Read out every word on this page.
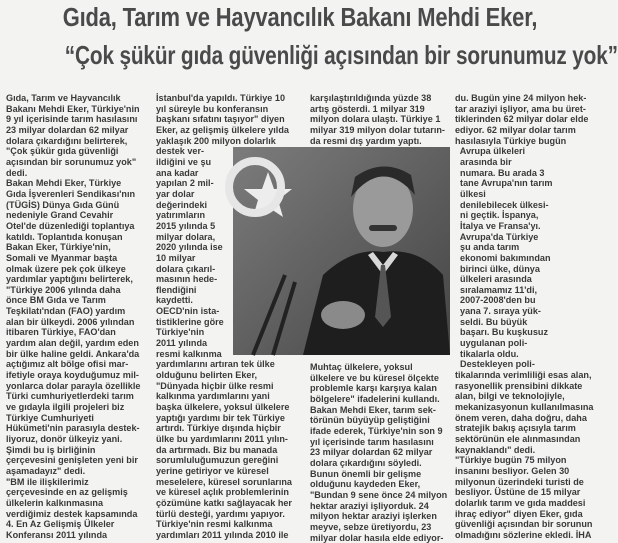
Gıda, Tarım ve Hayvancılık Bakanı Mehdi Eker,
“Çok şükür gıda güvenliği açısından bir sorunumuz yok”
Gıda, Tarım ve Hayvancılık
Bakanı Mehdi Eker, Türkiye'nin
9 yıl içerisinde tarım hasılasını
23 milyar dolardan 62 milyar
dolara çıkardığını belirterek,
"Çok şükür gıda güvenliği
açısından bir sorunumuz yok"
dedi.
Bakan Mehdi Eker, Türkiye
Gıda İşverenleri Sendikası'nın
(TÜGİS) Dünya Gıda Günü
nedeniyle Grand Cevahir
Otel'de düzenlediği toplantıya
katıldı. Toplantıda konuşan
Bakan Eker, Türkiye'nin,
Somali ve Myanmar başta
olmak üzere pek çok ülkeye
yardımlar yaptığını belirterek,
"Türkiye 2006 yılında daha
önce BM Gıda ve Tarım
Teşkilatı'ndan (FAO) yardım
alan bir ülkeydi. 2006 yılından
itibaren Türkiye, FAO'dan
yardım alan değil, yardım eden
bir ülke haline geldi. Ankara'da
açtığımız alt bölge ofisi mar-
ifetiyle oraya koyduğumuz mil-
yonlarca dolar parayla özellikle
Türki cumhuriyetlerdeki tarım
ve gıdayla ilgili projeleri biz
Türkiye Cumhuriyeti
Hükümeti'nin parasıyla destek-
liyoruz, donör ülkeyiz yani.
Şimdi bu iş birliğinin
çerçevesini genişleten yeni bir
aşamadayız" dedi.
"BM ile ilişkilerimiz
çerçevesinde en az gelişmiş
ülkelerin kalkınmasına
verdiğimiz destek kapsamında
4. En Az Gelişmiş Ülkeler
Konferansı 2011 yılında
İstanbul'da yapıldı. Türkiye 10
yıl süreyle bu konferansın
başkanı sıfatını taşıyor" diyen
Eker, az gelişmiş ülkelere yılda
yaklaşık 200 milyon dolarlık
destek ver-
ildiğini ve şu
ana kadar
yapılan 2 mil-
yar dolar
değerindeki
yatırımların
2015 yılında 5
milyar dolara,
2020 yılında ise
10 milyar
dolara çıkarıl-
masının hede-
flendiğini
kaydetti.
OECD'nin ista-
tistiklerine göre
Türkiye'nin
2011 yılında
resmi kalkınma
yardımlarını artıran tek ülke
olduğunu belirten Eker,
"Dünyada hiçbir ülke resmi
kalkınma yardımlarını yani
başka ülkelere, yoksul ülkelere
yaptığı yardımı bir tek Türkiye
artırdı. Türkiye dışında hiçbir
ülke bu yardımlarını 2011 yılın-
da artırmadı. Biz bu manada
sorumluluğumuzun gereğini
yerine getiriyor ve küresel
meselelere, küresel sorunlarına
ve küresel açlık problemlerinin
çözümüne katkı sağlayacak her
türlü desteği, yardımı yapıyor.
Türkiye'nin resmi kalkınma
yardımları 2011 yılında 2010 ile
karşılaştırıldığında yüzde 38
artış gösterdi. 1 milyar 319
milyon dolara ulaştı. Türkiye 1
milyar 319 milyon dolar tutarın-
da resmi dış yardım yaptı.
Muhtaç ülkelere, yoksul
ülkelere ve bu küresel ölçekte
problemle karşı karşıya kalan
bölgelere" ifadelerini kullandı.
Bakan Mehdi Eker, tarım sek-
törünün büyüyüp geliştiğini
ifade ederek, Türkiye'nin son 9
yıl içerisinde tarım hasılasını
23 milyar dolardan 62 milyar
dolara çıkardığını söyledi.
Bunun önemli bir gelişme
olduğunu kaydeden Eker,
"Bundan 9 sene önce 24 milyon
hektar araziyi işliyorduk. 24
milyon hektar araziyi işlerken
meyve, sebze üretiyordu, 23
milyar dolar hasıla elde ediyor-
du. Bugün yine 24 milyon hek-
tar araziyi işliyor, ama bu üret-
tiklerinden 62 milyar dolar elde
ediyor. 62 milyar dolar tarım
hasılasıyla Türkiye bugün
Avrupa ülkeleri
arasında bir
numara. Bu arada 3
tane Avrupa'nın tarım
ülkesi
denilebilecek ülkesi-
ni geçtik. İspanya,
İtalya ve Fransa'yı.
Avrupa'da Türkiye
şu anda tarım
ekonomi bakımından
birinci ülke, dünya
ülkeleri arasında
sıralamamız 11'di,
2007-2008'den bu
yana 7. sıraya yük-
seldi. Bu büyük
başarı. Bu kuşkusuz
uygulanan poli-
tikalarla oldu.
Destekleyen poli-
tikalarında verimliliği esas alan,
rasyonellik prensibini dikkate
alan, bilgi ve teknolojiyle,
mekanizasyonun kullanılmasına
önem veren, daha doğru, daha
stratejik bakış açısıyla tarım
sektörünün ele alınmasından
kaynaklandı" dedi.
"Türkiye bugün 75 milyon
insanını besliyor. Gelen 30
milyonun üzerindeki turisti de
besliyor. Üstüne de 15 milyar
dolarlık tarım ve gıda maddesi
ihraç ediyor" diyen Eker, gıda
güvenliği açısından bir sorunun
olmadığını sözlerine ekledi. İHA
